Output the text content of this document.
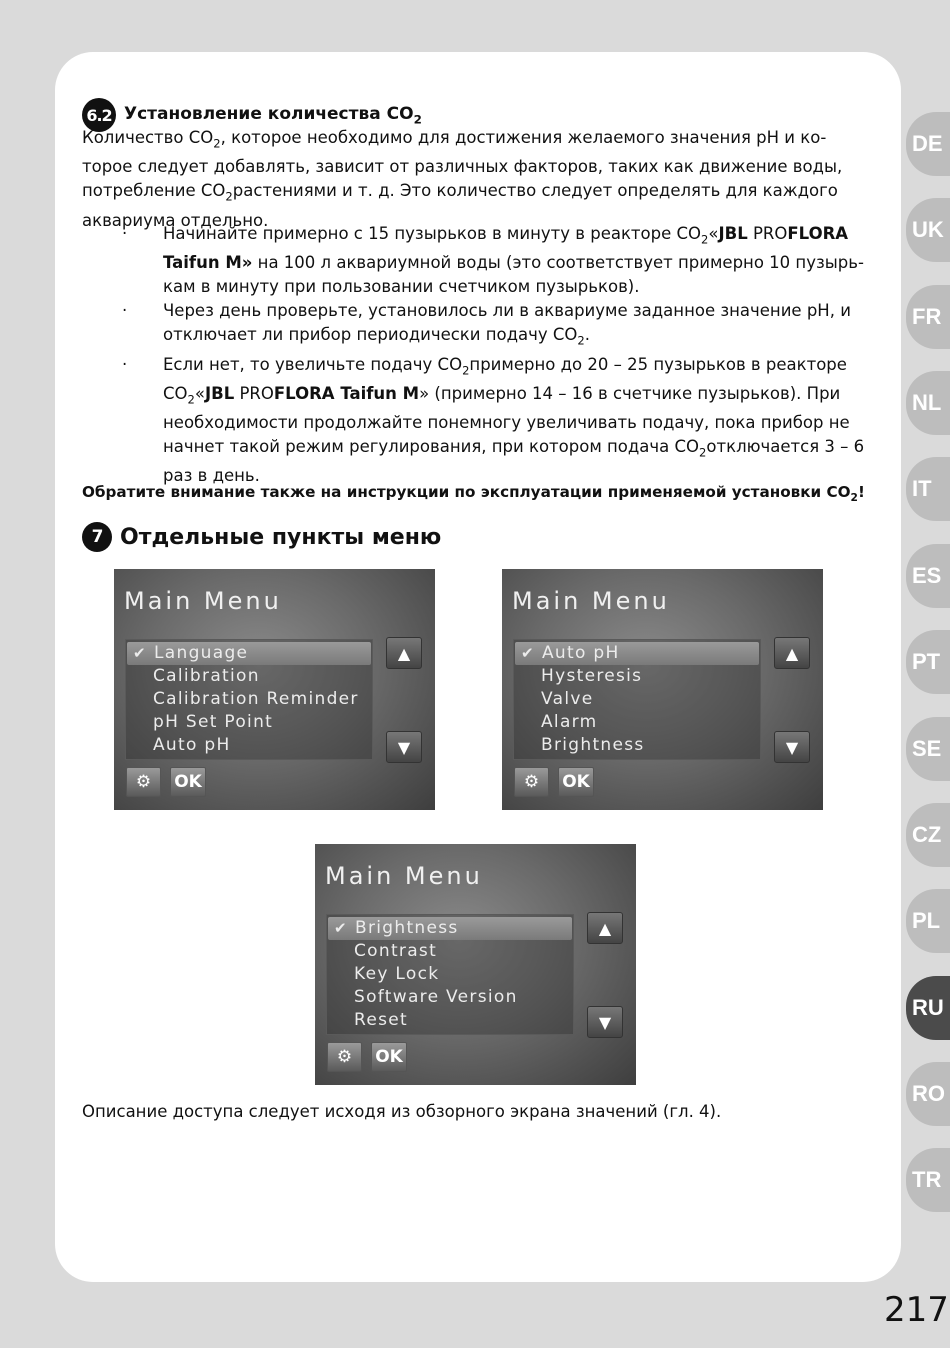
6.2 Установление количества $CO_2$

Количество $CO_2$, которое необходимо для достижения желаемого значения pH и ко-
торое следует добавлять, зависит от различных факторов, таких как движение воды,
потребление $CO_2растениями$ и т. д. Это количество следует определять для каждого
аквариума отдельно.

· Начинайте примерно с 15 пузырьков в минуту в реакторе $CO_2«JBL$ PROFLORA
Taifun M» на 100 л аквариумной воды (это соответствует примерно 10 пузырь-
кам в минуту при пользовании счетчиком пузырьков).
· Через день проверьте, установилось ли в аквариуме заданное значение pH, и
отключает ли прибор периодически подачу $CO_2$.
· Если нет, то увеличьте подачу $CO_2примерно$ до 20 – 25 пузырьков в реакторе
$CO_2«JBL$ PROFLORA Taifun M» (примерно 14 – 16 в счетчике пузырьков). При
необходимости продолжайте понемногу увеличивать подачу, пока прибор не
начнет такой режим регулирования, при котором подача $CO_2отключается$ 3 – 6
раз в день.
Обратите внимание также на инструкции по эксплуатации применяемой установки $CO_2$!
7 Отдельные пункты меню
Main Menu
✔ Language
Calibration
Calibration Reminder
pH Set Point
Auto pH
▲
▼
⚙ OK
Main Menu
✔ Auto pH
Hysteresis
Valve
Alarm
Brightness
▲
▼
⚙ OK
Main Menu
✔ Brightness
Contrast
Key Lock
Software Version
Reset
▲
▼
⚙ OK
Описание доступа следует исходя из обзорного экрана значений (гл. 4).
DE
UK
FR
NL
IT
ES
PT
SE
CZ
PL
RU
RO
TR
217
